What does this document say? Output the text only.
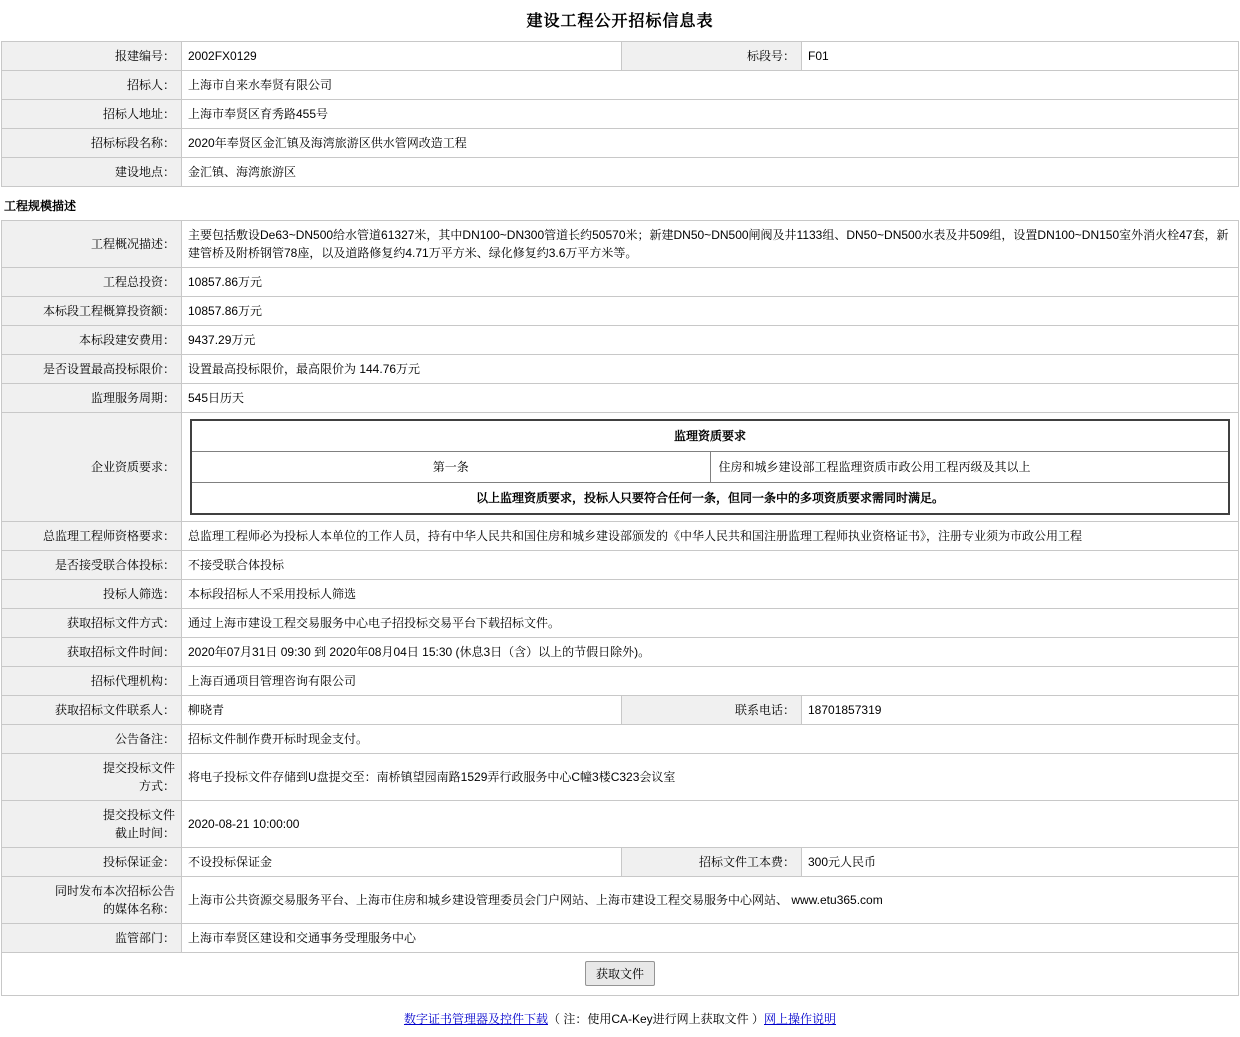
建设工程公开招标信息表
报建编号：	2002FX0129	标段号：	F01
招标人：	上海市自来水奉贤有限公司		
招标人地址：	上海市奉贤区育秀路455号		
招标标段名称：	2020年奉贤区金汇镇及海湾旅游区供水管网改造工程		
建设地点：	金汇镇、海湾旅游区		
工程规模描述
工程概况描述：	主要包括敷设De63~DN500给水管道61327米，其中DN100~DN300管道长约50570米；新建DN50~DN500闸阀及井1133组、DN50~DN500水表及井509组，设置DN100~DN150室外消火栓47套，新建管桥及附桥钢管78座，以及道路修复约4.71万平方米、绿化修复约3.6万平方米等。
工程总投资：	10857.86万元
本标段工程概算投资额：	10857.86万元
本标段建安费用：	9437.29万元
是否设置最高投标限价：	设置最高投标限价，最高限价为 144.76万元
监理服务周期：	545日历天
企业资质要求：	
监理资质要求
第一条	住房和城乡建设部工程监理资质市政公用工程丙级及其以上
以上监理资质要求，投标人只要符合任何一条，但同一条中的多项资质要求需同时满足。

总监理工程师资格要求：	总监理工程师必为投标人本单位的工作人员，持有中华人民共和国住房和城乡建设部颁发的《中华人民共和国注册监理工程师执业资格证书》，注册专业须为市政公用工程
是否接受联合体投标：	不接受联合体投标
投标人筛选：	本标段招标人不采用投标人筛选
获取招标文件方式：	通过上海市建设工程交易服务中心电子招投标交易平台下载招标文件。
获取招标文件时间：	2020年07月31日 09:30 到 2020年08月04日 15:30 (休息3日（含）以上的节假日除外)。
招标代理机构：	上海百通项目管理咨询有限公司
获取招标文件联系人：	柳晓青	联系电话：	18701857319
公告备注：	招标文件制作费开标时现金支付。
提交投标文件
方式：	将电子投标文件存储到U盘提交至：南桥镇望园南路1529弄行政服务中心C幢3楼C323会议室
提交投标文件
截止时间：	2020-08-21 10:00:00
投标保证金：	不设投标保证金	招标文件工本费：	300元人民币
同时发布本次招标公告
的媒体名称：	上海市公共资源交易服务平台、上海市住房和城乡建设管理委员会门户网站、上海市建设工程交易服务中心网站、 www.etu365.com
监管部门：	上海市奉贤区建设和交通事务受理服务中心
获取文件
数字证书管理器及控件下载（ 注：使用CA-Key进行网上获取文件 ）网上操作说明
